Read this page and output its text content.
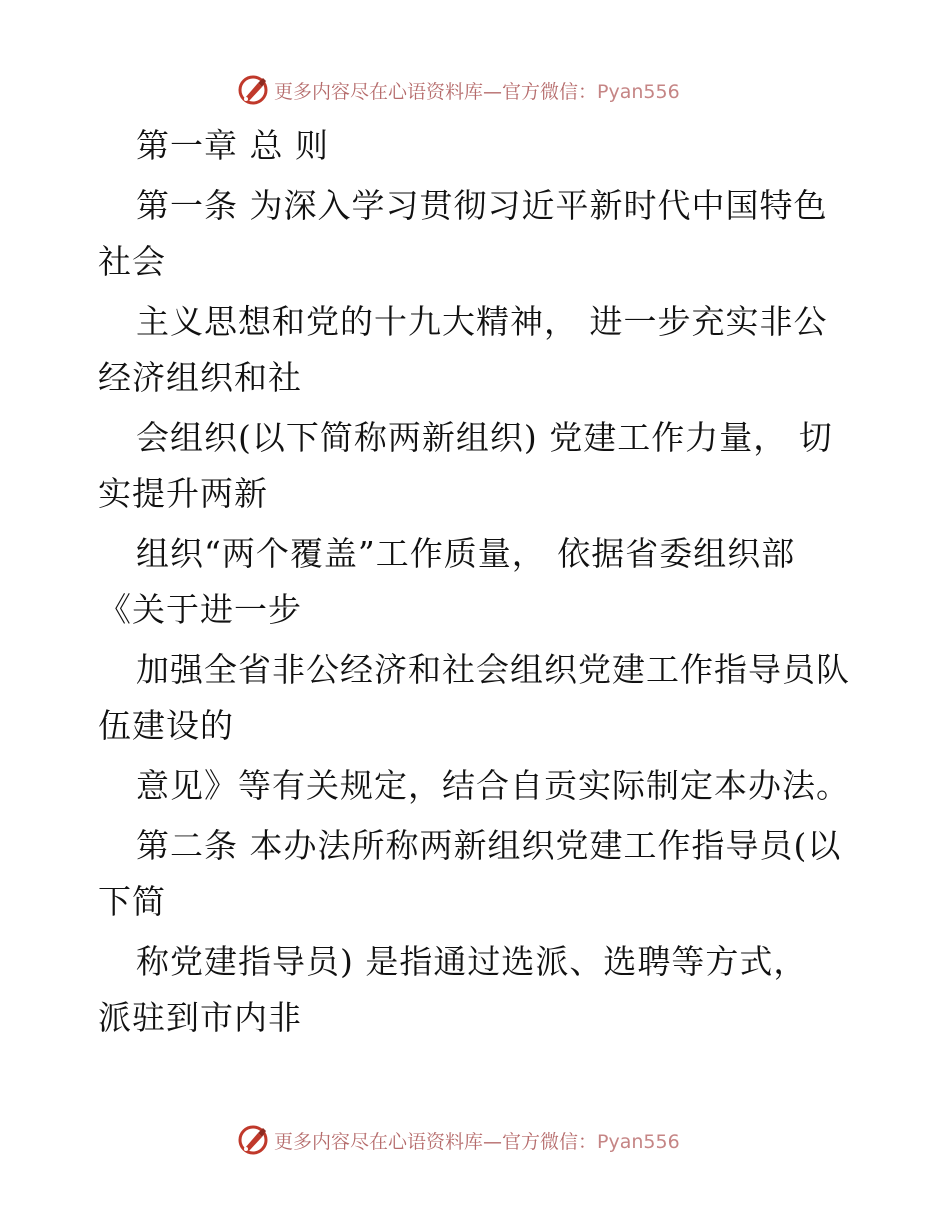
更多内容尽在心语资料库—官方微信：Pyan556
第一章 总 则
第一条 为深入学习贯彻习近平新时代中国特色
社会
主义思想和党的十九大精神， 进一步充实非公
经济组织和社
会组织(以下简称两新组织) 党建工作力量， 切
实提升两新
组织“两个覆盖”工作质量， 依据省委组织部
《关于进一步
加强全省非公经济和社会组织党建工作指导员队
伍建设的
意见》等有关规定，结合自贡实际制定本办法。
第二条 本办法所称两新组织党建工作指导员(以
下简
称党建指导员) 是指通过选派、选聘等方式，
派驻到市内非
更多内容尽在心语资料库—官方微信：Pyan556
